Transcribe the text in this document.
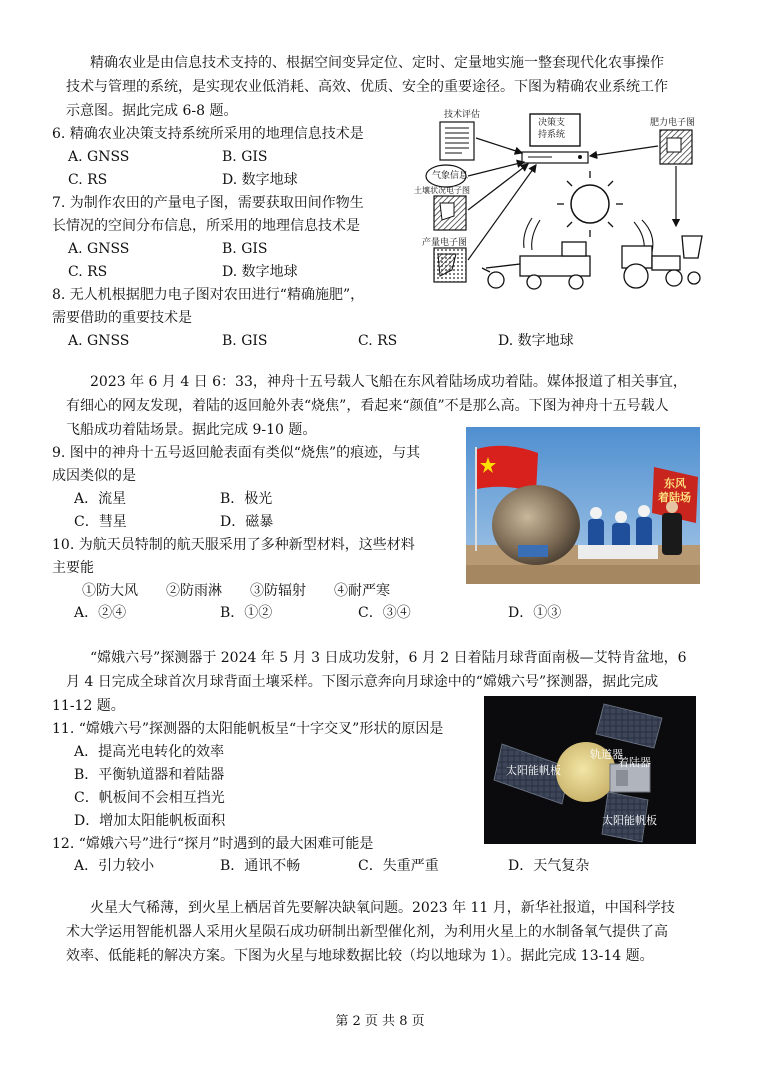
精确农业是由信息技术支持的、根据空间变异定位、定时、定量地实施一整套现代化农事操作
技术与管理的系统，是实现农业低消耗、高效、优质、安全的重要途径。下图为精确农业系统工作
示意图。据此完成 6-8 题。
6. 精确农业决策支持系统所采用的地理信息技术是
A. GNSS	B. GIS
C. RS	D. 数字地球
7. 为制作农田的产量电子图，需要获取田间作物生
长情况的空间分布信息，所采用的地理信息技术是
A. GNSS	B. GIS
C. RS	D. 数字地球
8. 无人机根据肥力电子图对农田进行“精确施肥”，
需要借助的重要技术是
A. GNSS	B. GIS	C. RS	D. 数字地球
技术评估
决策支
持系统
肥力电子图
气象信息
土壤状况电子图
产量电子图
2023 年 6 月 4 日 6：33，神舟十五号载人飞船在东风着陆场成功着陆。媒体报道了相关事宜，
有细心的网友发现，着陆的返回舱外表“烧焦”，看起来“颜值”不是那么高。下图为神舟十五号载人
飞船成功着陆场景。据此完成 9-10 题。
9. 图中的神舟十五号返回舱表面有类似“烧焦”的痕迹，与其
成因类似的是
A．流星	B．极光
C．彗星	D．磁暴
10. 为航天员特制的航天服采用了多种新型材料，这些材料
主要能
①防大风　　②防雨淋　　③防辐射　　④耐严寒
A．②④	B．①②	C．③④	D．①③
东风
着陆场
“嫦娥六号”探测器于 2024 年 5 月 3 日成功发射，6 月 2 日着陆月球背面南极—艾特肯盆地，6
月 4 日完成全球首次月球背面土壤采样。下图示意奔向月球途中的“嫦娥六号”探测器，据此完成
11-12 题。
11. “嫦娥六号”探测器的太阳能帆板呈“十字交叉”形状的原因是
A．提高光电转化的效率
B．平衡轨道器和着陆器
C．帆板间不会相互挡光
D．增加太阳能帆板面积
12. “嫦娥六号”进行“探月”时遇到的最大困难可能是
A．引力较小	B．通讯不畅	C．失重严重	D．天气复杂
轨道器
着陆器
太阳能帆板
太阳能帆板
火星大气稀薄，到火星上栖居首先要解决缺氧问题。2023 年 11 月，新华社报道，中国科学技
术大学运用智能机器人采用火星陨石成功研制出新型催化剂，为利用火星上的水制备氧气提供了高
效率、低能耗的解决方案。下图为火星与地球数据比较（均以地球为 1）。据此完成 13-14 题。
第 2 页 共 8 页
